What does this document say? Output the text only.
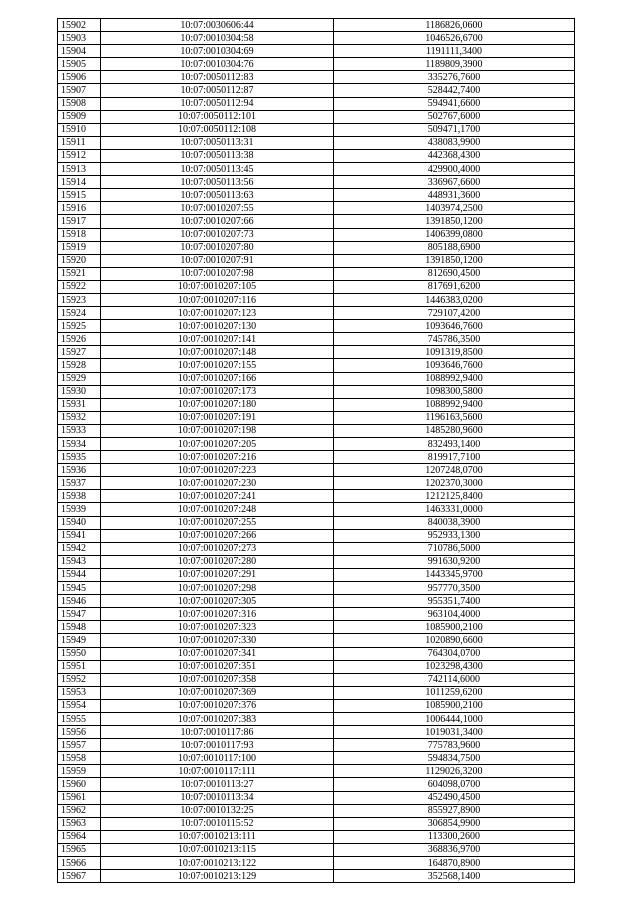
15902	10:07:0030606:44	1186826,0600
15903	10:07:0010304:58	1046526,6700
15904	10:07:0010304:69	1191111,3400
15905	10:07:0010304:76	1189809,3900
15906	10:07:0050112:83	335276,7600
15907	10:07:0050112:87	528442,7400
15908	10:07:0050112:94	594941,6600
15909	10:07:0050112:101	502767,6000
15910	10:07:0050112:108	509471,1700
15911	10:07:0050113:31	438083,9900
15912	10:07:0050113:38	442368,4300
15913	10:07:0050113:45	429900,4000
15914	10:07:0050113:56	336967,6600
15915	10:07:0050113:63	448931,3600
15916	10:07:0010207:55	1403974,2500
15917	10:07:0010207:66	1391850,1200
15918	10:07:0010207:73	1406399,0800
15919	10:07:0010207:80	805188,6900
15920	10:07:0010207:91	1391850,1200
15921	10:07:0010207:98	812690,4500
15922	10:07:0010207:105	817691,6200
15923	10:07:0010207:116	1446383,0200
15924	10:07:0010207:123	729107,4200
15925	10:07:0010207:130	1093646,7600
15926	10:07:0010207:141	745786,3500
15927	10:07:0010207:148	1091319,8500
15928	10:07:0010207:155	1093646,7600
15929	10:07:0010207:166	1088992,9400
15930	10:07:0010207:173	1098300,5800
15931	10:07:0010207:180	1088992,9400
15932	10:07:0010207:191	1196163,5600
15933	10:07:0010207:198	1485280,9600
15934	10:07:0010207:205	832493,1400
15935	10:07:0010207:216	819917,7100
15936	10:07:0010207:223	1207248,0700
15937	10:07:0010207:230	1202370,3000
15938	10:07:0010207:241	1212125,8400
15939	10:07:0010207:248	1463331,0000
15940	10:07:0010207:255	840038,3900
15941	10:07:0010207:266	952933,1300
15942	10:07:0010207:273	710786,5000
15943	10:07:0010207:280	991630,9200
15944	10:07:0010207:291	1443345,9700
15945	10:07:0010207:298	957770,3500
15946	10:07:0010207:305	955351,7400
15947	10:07:0010207:316	963104,4000
15948	10:07:0010207:323	1085900,2100
15949	10:07:0010207:330	1020890,6600
15950	10:07:0010207:341	764304,0700
15951	10:07:0010207:351	1023298,4300
15952	10:07:0010207:358	742114,6000
15953	10:07:0010207:369	1011259,6200
15954	10:07:0010207:376	1085900,2100
15955	10:07:0010207:383	1006444,1000
15956	10:07:0010117:86	1019031,3400
15957	10:07:0010117:93	775783,9600
15958	10:07:0010117:100	594834,7500
15959	10:07:0010117:111	1129026,3200
15960	10:07:0010113:27	604098,0700
15961	10:07:0010113:34	452490,4500
15962	10:07:0010132:25	855927,8900
15963	10:07:0010115:52	306854,9900
15964	10:07:0010213:111	113300,2600
15965	10:07:0010213:115	368836,9700
15966	10:07:0010213:122	164870,8900
15967	10:07:0010213:129	352568,1400
